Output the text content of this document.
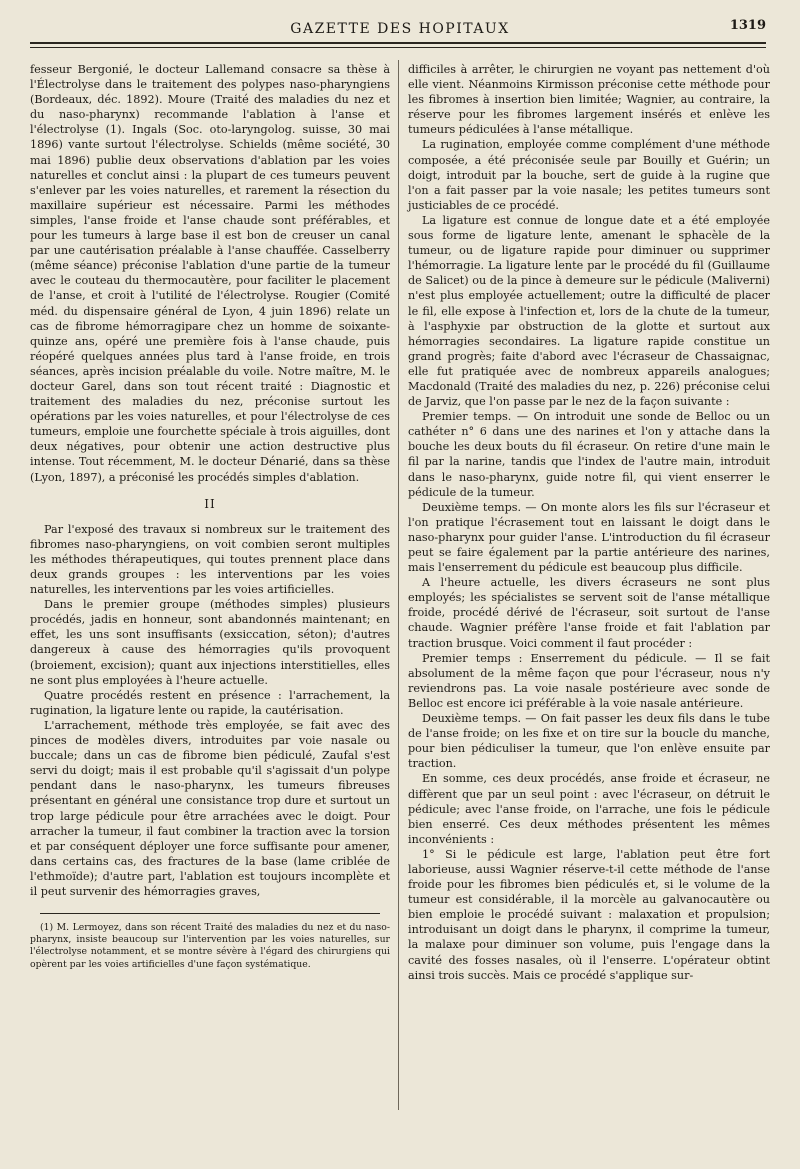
GAZETTE DES HOPITAUX	1319

fesseur Bergonié, le docteur Lallemand consacre sa thèse à l'Électrolyse dans le traitement des polypes naso-pharyngiens (Bordeaux, déc. 1892). Moure (Traité des maladies du nez et du naso-pharynx) recommande l'ablation à l'anse et l'électrolyse (1). Ingals (Soc. oto-laryngolog. suisse, 30 mai 1896) vante surtout l'électrolyse. Schields (même société, 30 mai 1896) publie deux observations d'ablation par les voies naturelles et conclut ainsi : la plupart de ces tumeurs peuvent s'enlever par les voies naturelles, et rarement la résection du maxillaire supérieur est nécessaire. Parmi les méthodes simples, l'anse froide et l'anse chaude sont préférables, et pour les tumeurs à large base il est bon de creuser un canal par une cautérisation préalable à l'anse chauffée. Casselberry (même séance) préconise l'ablation d'une partie de la tumeur avec le couteau du thermocautère, pour faciliter le placement de l'anse, et croit à l'utilité de l'électrolyse. Rougier (Comité méd. du dispensaire général de Lyon, 4 juin 1896) relate un cas de fibrome hémorragipare chez un homme de soixante-quinze ans, opéré une première fois à l'anse chaude, puis réopéré quelques années plus tard à l'anse froide, en trois séances, après incision préalable du voile. Notre maître, M. le docteur Garel, dans son tout récent traité : Diagnostic et traitement des maladies du nez, préconise surtout les opérations par les voies naturelles, et pour l'électrolyse de ces tumeurs, emploie une fourchette spéciale à trois aiguilles, dont deux négatives, pour obtenir une action destructive plus intense. Tout récemment, M. le docteur Dénarié, dans sa thèse (Lyon, 1897), a préconisé les procédés simples d'ablation.

II

Par l'exposé des travaux si nombreux sur le traitement des fibromes naso-pharyngiens, on voit combien seront multiples les méthodes thérapeutiques, qui toutes prennent place dans deux grands groupes : les interventions par les voies naturelles, les interventions par les voies artificielles.

Dans le premier groupe (méthodes simples) plusieurs procédés, jadis en honneur, sont abandonnés maintenant; en effet, les uns sont insuffisants (exsiccation, séton); d'autres dangereux à cause des hémorragies qu'ils provoquent (broiement, excision); quant aux injections interstitielles, elles ne sont plus employées à l'heure actuelle.

Quatre procédés restent en présence : l'arrachement, la rugination, la ligature lente ou rapide, la cautérisation.

L'arrachement, méthode très employée, se fait avec des pinces de modèles divers, introduites par voie nasale ou buccale; dans un cas de fibrome bien pédiculé, Zaufal s'est servi du doigt; mais il est probable qu'il s'agissait d'un polype pendant dans le naso-pharynx, les tumeurs fibreuses présentant en général une consistance trop dure et surtout un trop large pédicule pour être arrachées avec le doigt. Pour arracher la tumeur, il faut combiner la traction avec la torsion et par conséquent déployer une force suffisante pour amener, dans certains cas, des fractures de la base (lame criblée de l'ethmoïde); d'autre part, l'ablation est toujours incomplète et il peut survenir des hémorragies graves,

(1) M. Lermoyez, dans son récent Traité des maladies du nez et du naso-pharynx, insiste beaucoup sur l'intervention par les voies naturelles, sur l'électrolyse notamment, et se montre sévère à l'égard des chirurgiens qui opèrent par les voies artificielles d'une façon systématique.

difficiles à arrêter, le chirurgien ne voyant pas nettement d'où elle vient. Néanmoins Kirmisson préconise cette méthode pour les fibromes à insertion bien limitée; Wagnier, au contraire, la réserve pour les fibromes largement insérés et enlève les tumeurs pédiculées à l'anse métallique.

La rugination, employée comme complément d'une méthode composée, a été préconisée seule par Bouilly et Guérin; un doigt, introduit par la bouche, sert de guide à la rugine que l'on a fait passer par la voie nasale; les petites tumeurs sont justiciables de ce procédé.

La ligature est connue de longue date et a été employée sous forme de ligature lente, amenant le sphacèle de la tumeur, ou de ligature rapide pour diminuer ou supprimer l'hémorragie. La ligature lente par le procédé du fil (Guillaume de Salicet) ou de la pince à demeure sur le pédicule (Maliverni) n'est plus employée actuellement; outre la difficulté de placer le fil, elle expose à l'infection et, lors de la chute de la tumeur, à l'asphyxie par obstruction de la glotte et surtout aux hémorragies secondaires. La ligature rapide constitue un grand progrès; faite d'abord avec l'écraseur de Chassaignac, elle fut pratiquée avec de nombreux appareils analogues; Macdonald (Traité des maladies du nez, p. 226) préconise celui de Jarviz, que l'on passe par le nez de la façon suivante :

Premier temps. — On introduit une sonde de Belloc ou un cathéter n° 6 dans une des narines et l'on y attache dans la bouche les deux bouts du fil écraseur. On retire d'une main le fil par la narine, tandis que l'index de l'autre main, introduit dans le naso-pharynx, guide notre fil, qui vient enserrer le pédicule de la tumeur.

Deuxième temps. — On monte alors les fils sur l'écraseur et l'on pratique l'écrasement tout en laissant le doigt dans le naso-pharynx pour guider l'anse. L'introduction du fil écraseur peut se faire également par la partie antérieure des narines, mais l'enserrement du pédicule est beaucoup plus difficile.

A l'heure actuelle, les divers écraseurs ne sont plus employés; les spécialistes se servent soit de l'anse métallique froide, procédé dérivé de l'écraseur, soit surtout de l'anse chaude. Wagnier préfère l'anse froide et fait l'ablation par traction brusque. Voici comment il faut procéder :

Premier temps : Enserrement du pédicule. — Il se fait absolument de la même façon que pour l'écraseur, nous n'y reviendrons pas. La voie nasale postérieure avec sonde de Belloc est encore ici préférable à la voie nasale antérieure.

Deuxième temps. — On fait passer les deux fils dans le tube de l'anse froide; on les fixe et on tire sur la boucle du manche, pour bien pédiculiser la tumeur, que l'on enlève ensuite par traction.

En somme, ces deux procédés, anse froide et écraseur, ne diffèrent que par un seul point : avec l'écraseur, on détruit le pédicule; avec l'anse froide, on l'arrache, une fois le pédicule bien enserré. Ces deux méthodes présentent les mêmes inconvénients :

1° Si le pédicule est large, l'ablation peut être fort laborieuse, aussi Wagnier réserve-t-il cette méthode de l'anse froide pour les fibromes bien pédiculés et, si le volume de la tumeur est considérable, il la morcèle au galvanocautère ou bien emploie le procédé suivant : malaxation et propulsion; introduisant un doigt dans le pharynx, il comprime la tumeur, la malaxe pour diminuer son volume, puis l'engage dans la cavité des fosses nasales, où il l'enserre. L'opérateur obtint ainsi trois succès. Mais ce procédé s'applique sur-
